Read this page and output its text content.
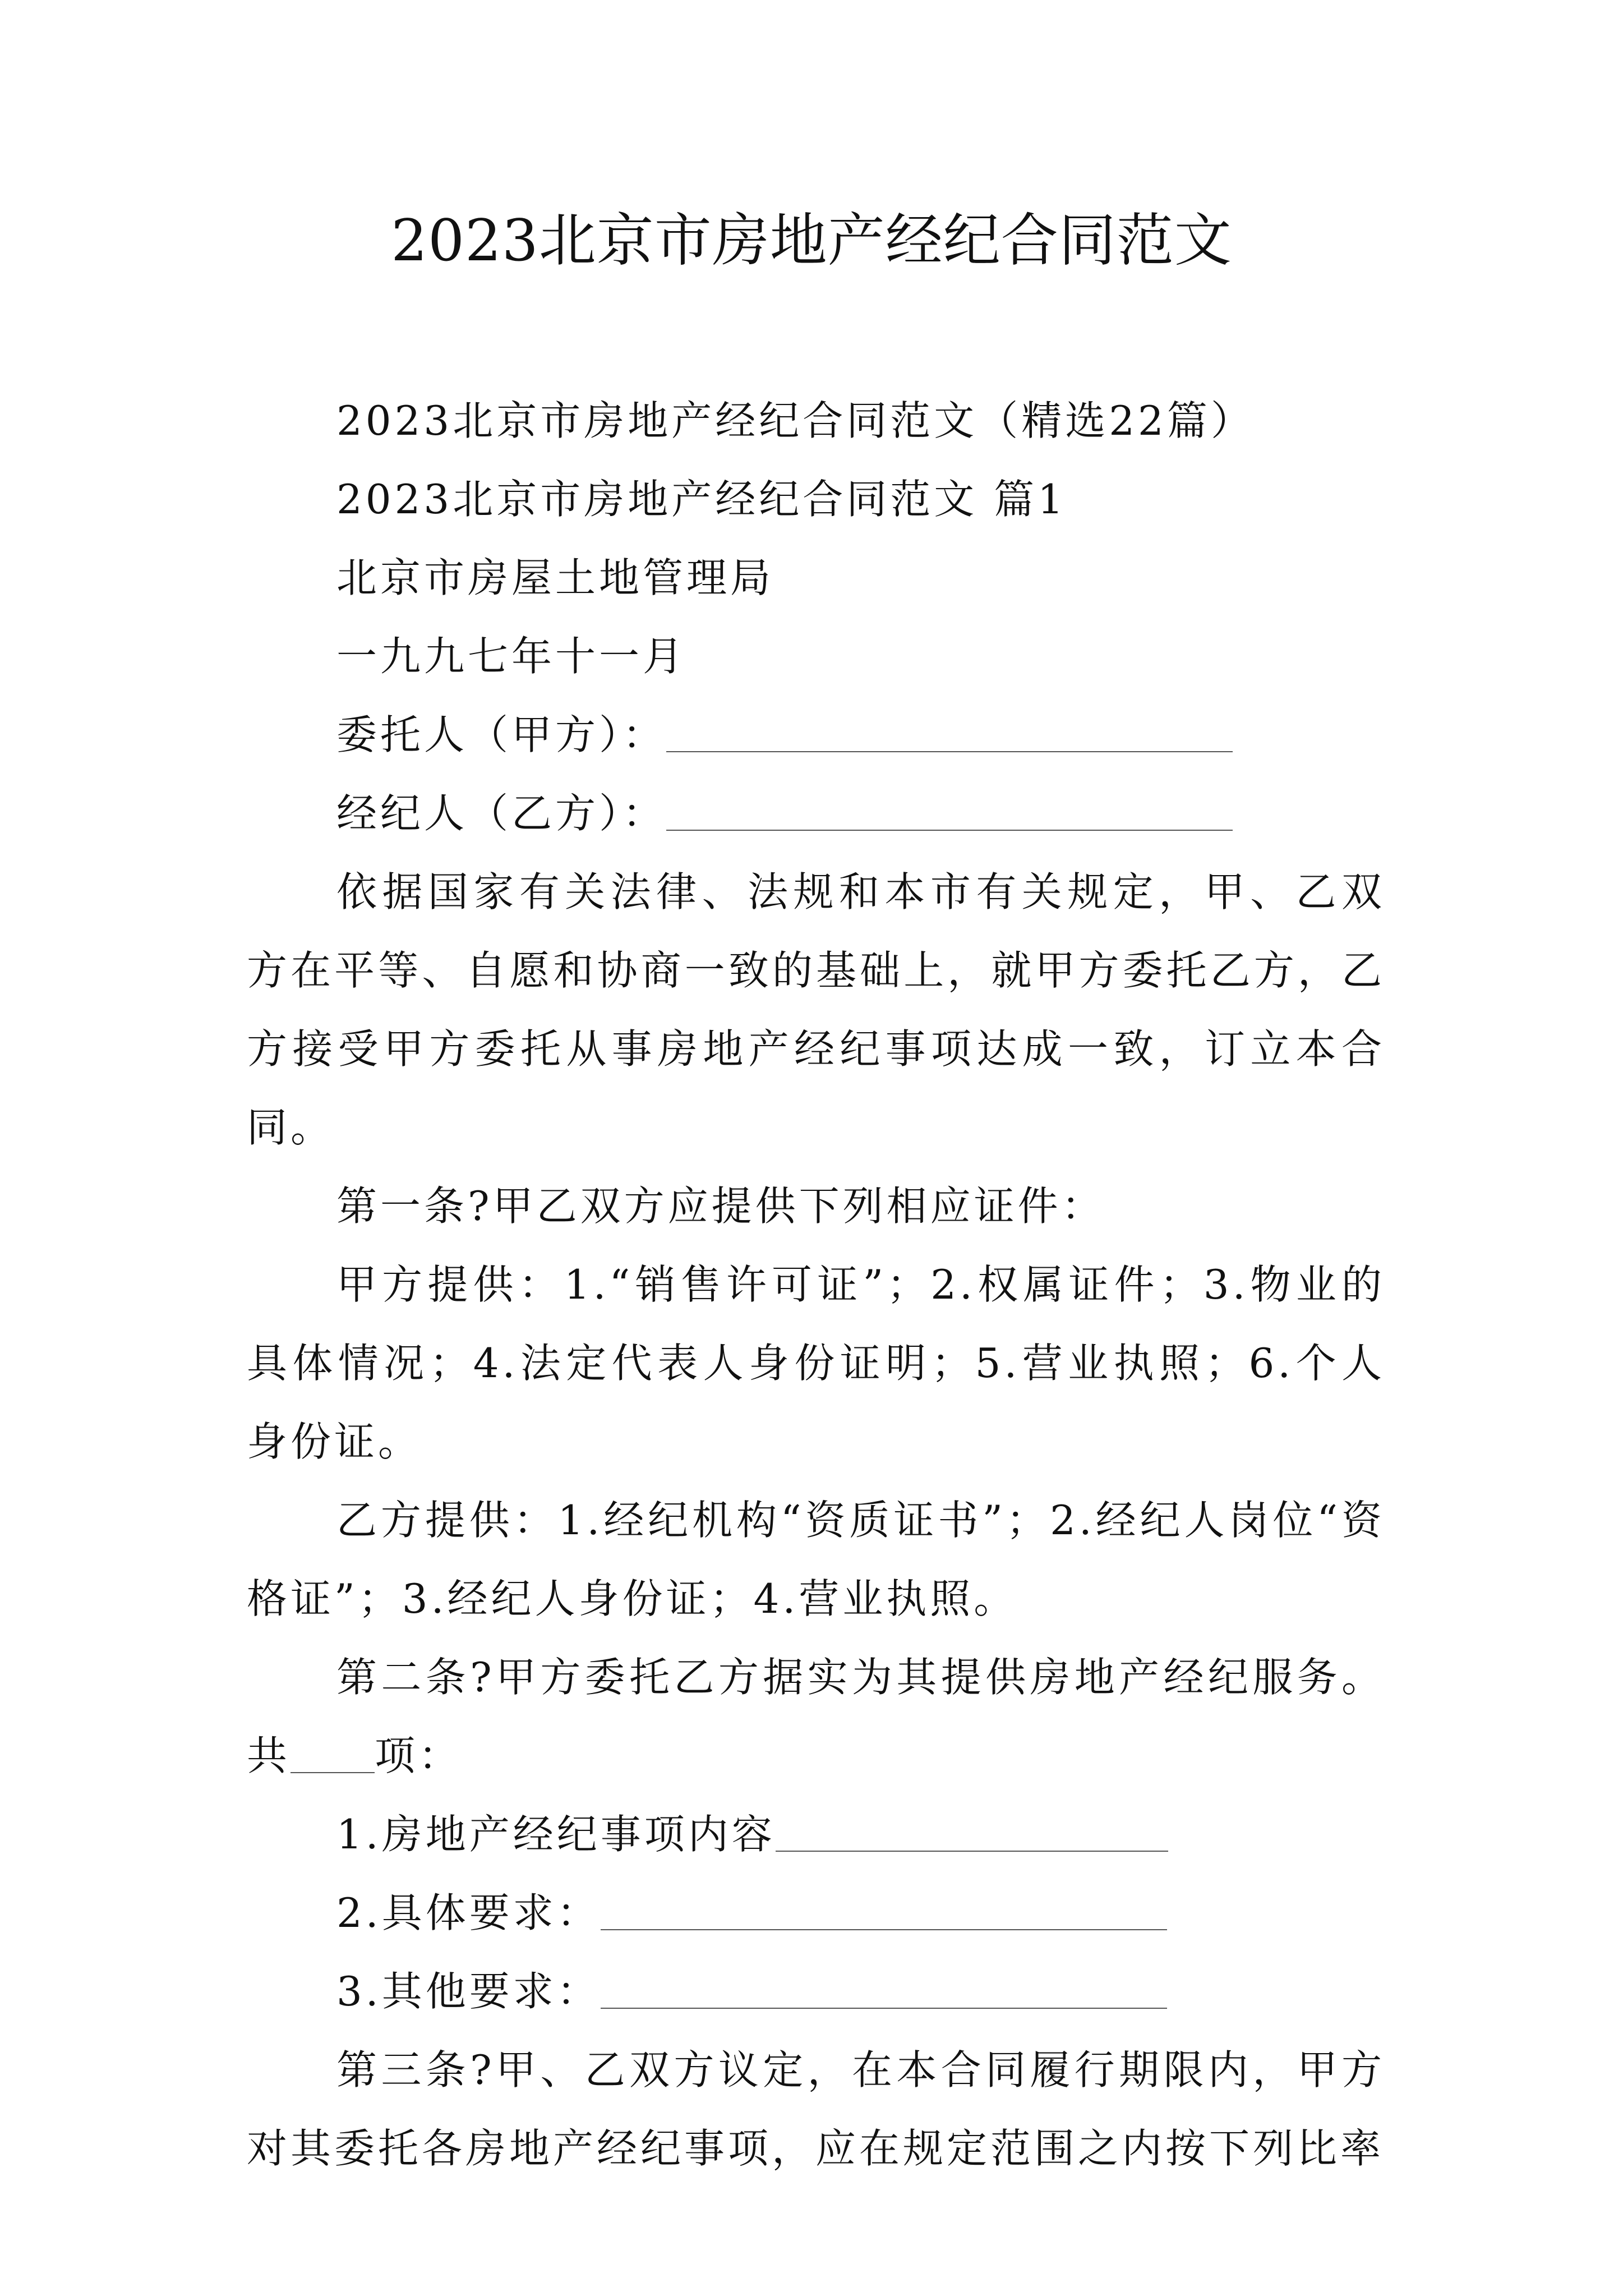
2023北京市房地产经纪合同范文

2023北京市房地产经纪合同范文（精选22篇）

2023北京市房地产经纪合同范文 篇1

北京市房屋土地管理局

一九九七年十一月

委托人（甲方）：

经纪人（乙方）：

依据国家有关法律、法规和本市有关规定，甲、乙双方在平等、自愿和协商一致的基础上，就甲方委托乙方，乙方接受甲方委托从事房地产经纪事项达成一致，订立本合同。

第一条?甲乙双方应提供下列相应证件：

甲方提供：1.“销售许可证”；2.权属证件；3.物业的具体情况；4.法定代表人身份证明；5.营业执照；6.个人身份证。

乙方提供：1.经纪机构“资质证书”；2.经纪人岗位“资格证”；3.经纪人身份证；4.营业执照。

第二条?甲方委托乙方据实为其提供房地产经纪服务。共 项：

1.房地产经纪事项内容

2.具体要求：

3.其他要求：

第三条?甲、乙双方议定，在本合同履行期限内，甲方对其委托各房地产经纪事项，应在规定范围之内按下列比率
